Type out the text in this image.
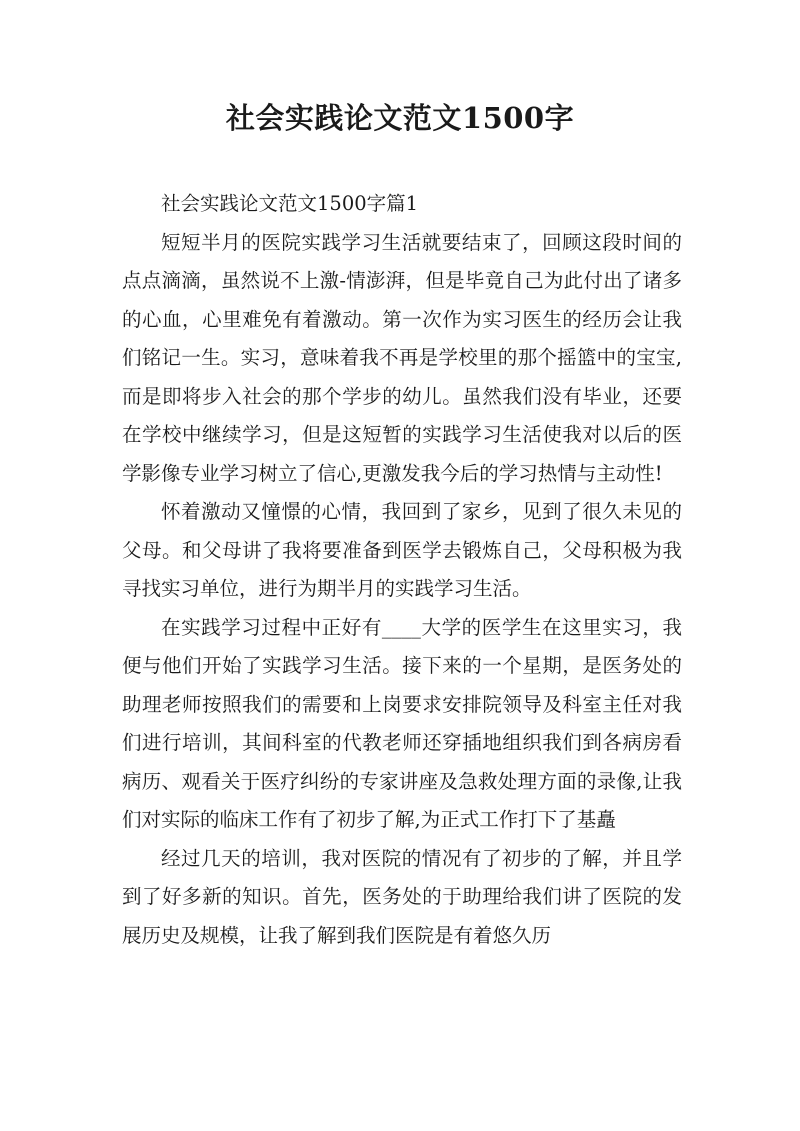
社会实践论文范文1500字

社会实践论文范文1500字篇1

短短半月的医院实践学习生活就要结束了，回顾这段时间的点点滴滴，虽然说不上激-情澎湃，但是毕竟自己为此付出了诸多的心血，心里难免有着激动。第一次作为实习医生的经历会让我们铭记一生。实习，意味着我不再是学校里的那个摇篮中的宝宝,而是即将步入社会的那个学步的幼儿。虽然我们没有毕业，还要在学校中继续学习，但是这短暂的实践学习生活使我对以后的医学影像专业学习树立了信心,更激发我今后的学习热情与主动性!

怀着激动又憧憬的心情，我回到了家乡，见到了很久未见的父母。和父母讲了我将要准备到医学去锻炼自己，父母积极为我寻找实习单位，进行为期半月的实践学习生活。

在实践学习过程中正好有____大学的医学生在这里实习，我便与他们开始了实践学习生活。接下来的一个星期，是医务处的助理老师按照我们的需要和上岗要求安排院领导及科室主任对我们进行培训，其间科室的代教老师还穿插地组织我们到各病房看病历、观看关于医疗纠纷的专家讲座及急救处理方面的录像,让我们对实际的临床工作有了初步了解,为正式工作打下了基矗

经过几天的培训，我对医院的情况有了初步的了解，并且学到了好多新的知识。首先，医务处的于助理给我们讲了医院的发展历史及规模，让我了解到我们医院是有着悠久历
